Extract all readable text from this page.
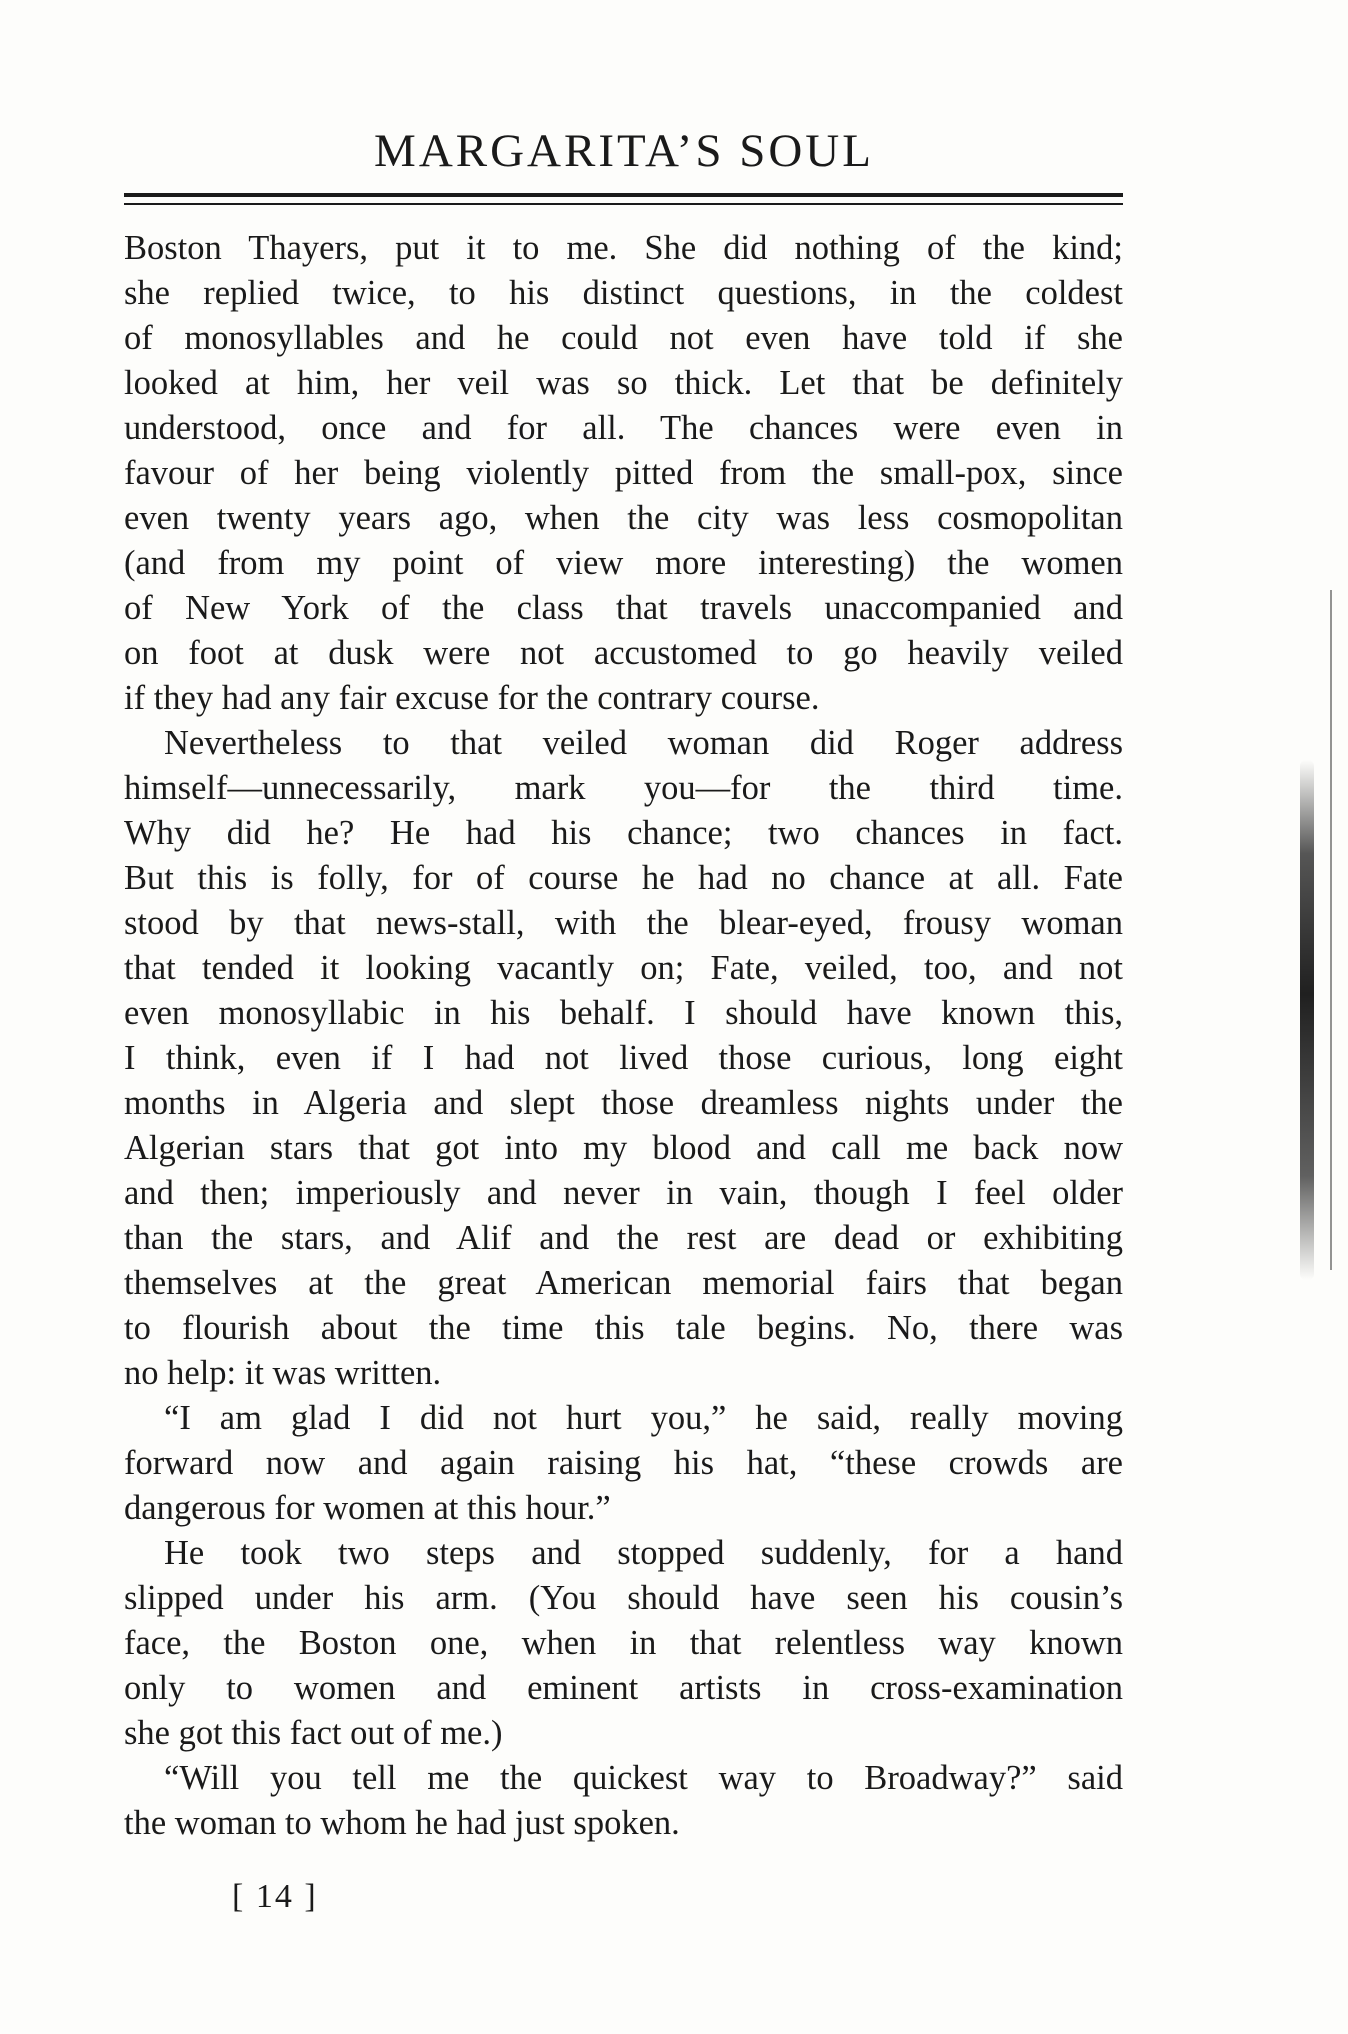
MARGARITA’S SOUL

Boston Thayers, put it to me. She did nothing of the kind;
she replied twice, to his distinct questions, in the coldest
of monosyllables and he could not even have told if she
looked at him, her veil was so thick. Let that be definitely
understood, once and for all. The chances were even in
favour of her being violently pitted from the small-pox, since
even twenty years ago, when the city was less cosmopolitan
(and from my point of view more interesting) the women
of New York of the class that travels unaccompanied and
on foot at dusk were not accustomed to go heavily veiled
if they had any fair excuse for the contrary course.

Nevertheless to that veiled woman did Roger address
himself—unnecessarily, mark you—for the third time.
Why did he? He had his chance; two chances in fact.
But this is folly, for of course he had no chance at all. Fate
stood by that news-stall, with the blear-eyed, frousy woman
that tended it looking vacantly on; Fate, veiled, too, and not
even monosyllabic in his behalf. I should have known this,
I think, even if I had not lived those curious, long eight
months in Algeria and slept those dreamless nights under the
Algerian stars that got into my blood and call me back now
and then; imperiously and never in vain, though I feel older
than the stars, and Alif and the rest are dead or exhibiting
themselves at the great American memorial fairs that began
to flourish about the time this tale begins. No, there was
no help: it was written.

“I am glad I did not hurt you,” he said, really moving
forward now and again raising his hat, “these crowds are
dangerous for women at this hour.”

He took two steps and stopped suddenly, for a hand
slipped under his arm. (You should have seen his cousin’s
face, the Boston one, when in that relentless way known
only to women and eminent artists in cross-examination
she got this fact out of me.)

“Will you tell me the quickest way to Broadway?” said
the woman to whom he had just spoken.

[ 14 ]
